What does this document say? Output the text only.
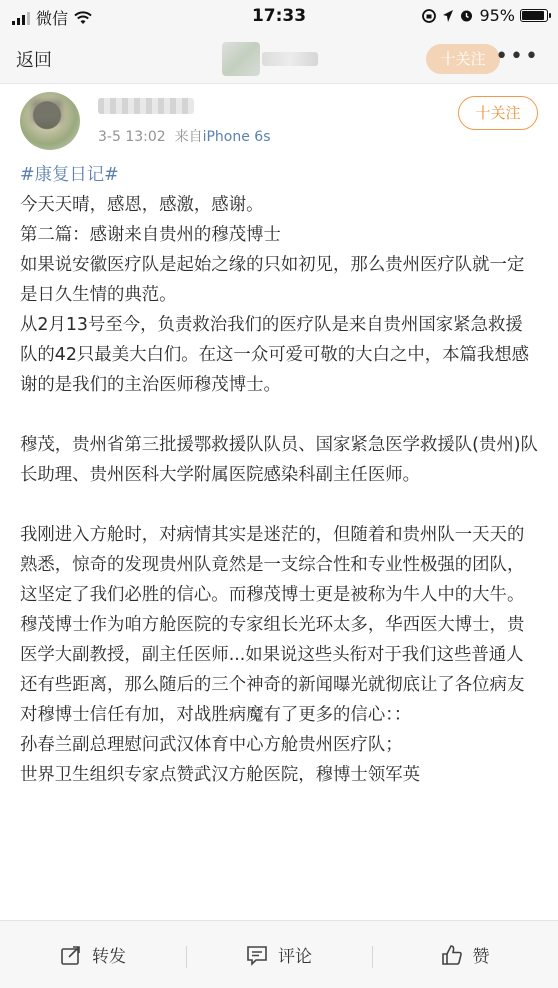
微信	17:33	95%
返回	十关注 •••
3-5 13:02 来自iPhone 6s
十关注

#康复日记#

今天天晴，感恩，感激，感谢。

第二篇：感谢来自贵州的穆茂博士

如果说安徽医疗队是起始之缘的只如初见，那么贵州医疗队就一定是日久生情的典范。

从2月13号至今，负责救治我们的医疗队是来自贵州国家紧急救援队的42只最美大白们。在这一众可爱可敬的大白之中，本篇我想感谢的是我们的主治医师穆茂博士。

穆茂，贵州省第三批援鄂救援队队员、国家紧急医学救援队(贵州)队长助理、贵州医科大学附属医院感染科副主任医师。

我刚进入方舱时，对病情其实是迷茫的，但随着和贵州队一天天的熟悉，惊奇的发现贵州队竟然是一支综合性和专业性极强的团队，这坚定了我们必胜的信心。而穆茂博士更是被称为牛人中的大牛。穆茂博士作为咱方舱医院的专家组长光环太多，华西医大博士，贵医学大副教授，副主任医师...如果说这些头衔对于我们这些普通人还有些距离，那么随后的三个神奇的新闻曝光就彻底让了各位病友对穆博士信任有加，对战胜病魔有了更多的信心：：

孙春兰副总理慰问武汉体育中心方舱贵州医疗队；

世界卫生组织专家点赞武汉方舱医院，穆博士领军英

转发	评论	赞
